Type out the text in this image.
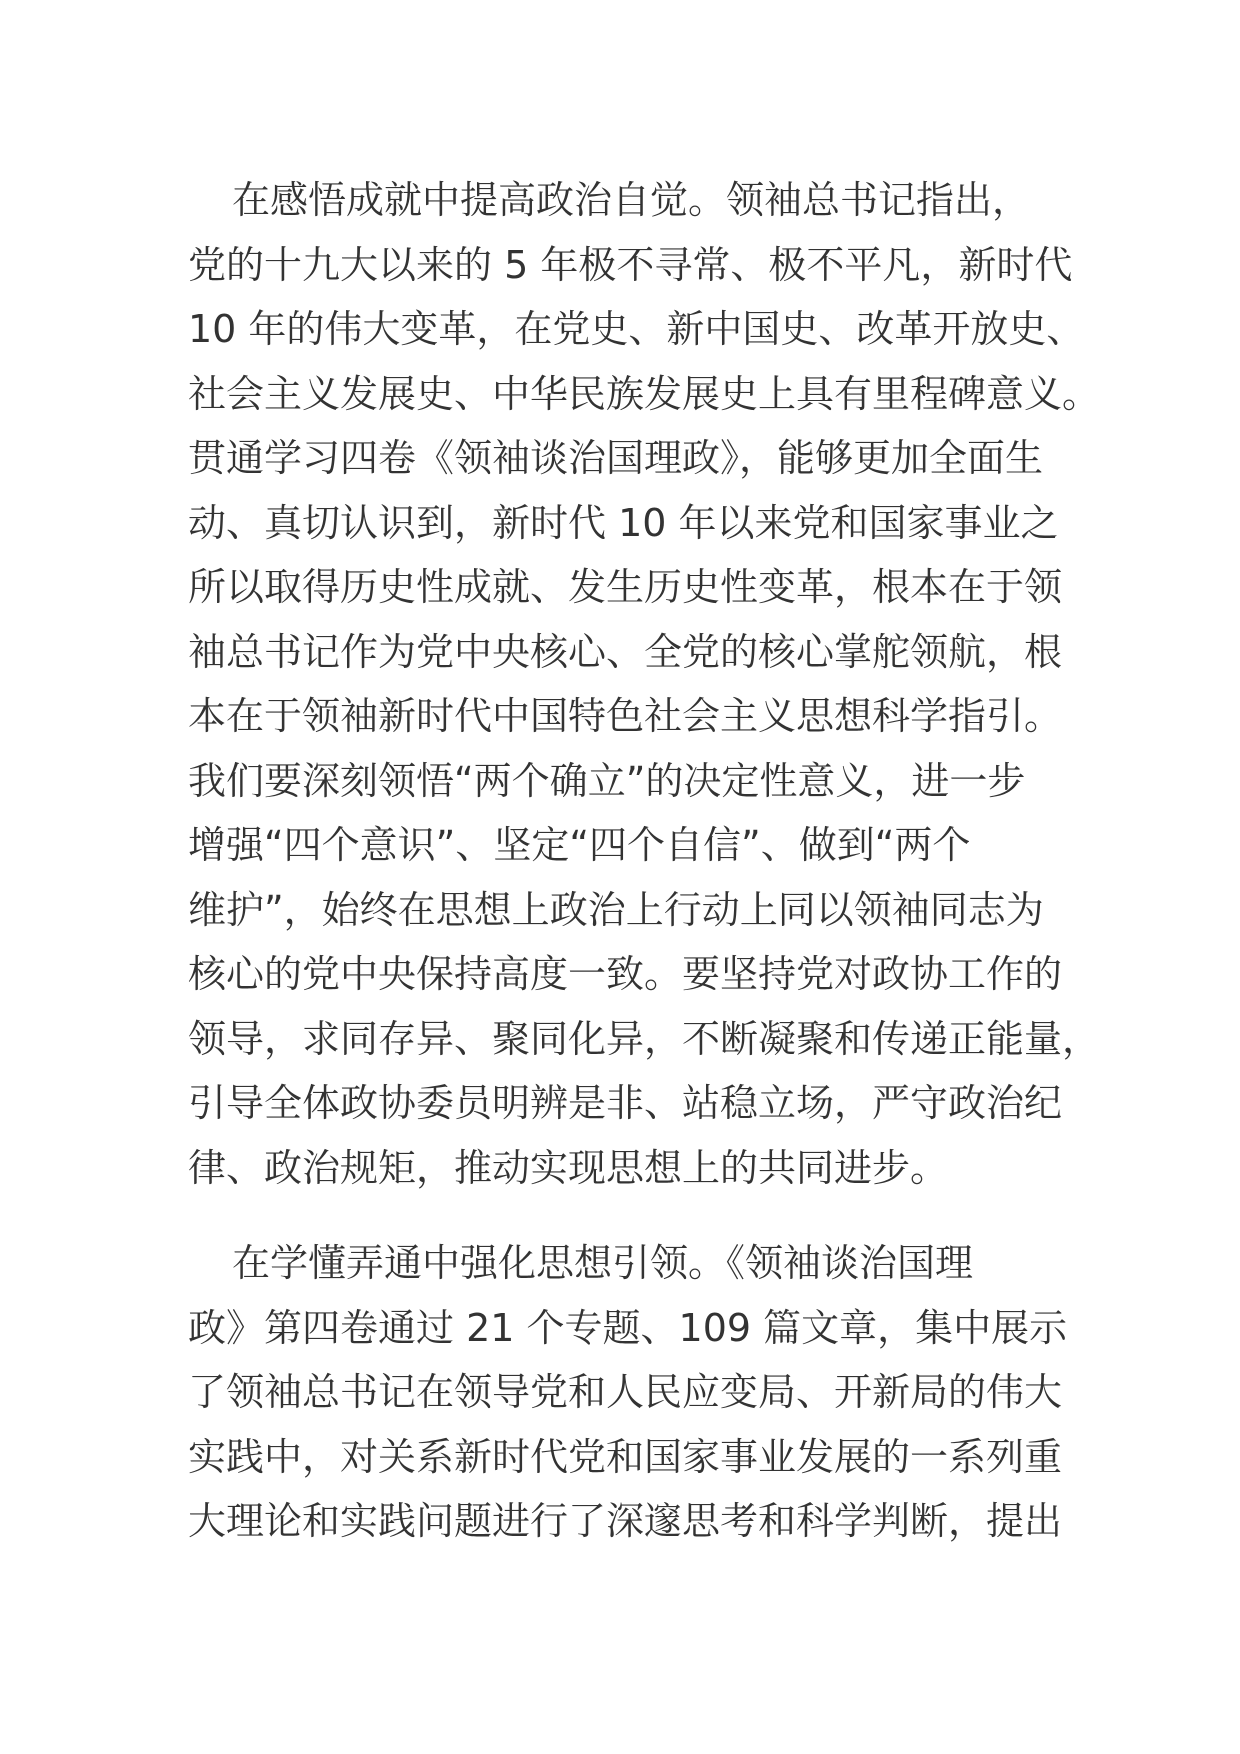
在感悟成就中提高政治自觉。领袖总书记指出，
党的十九大以来的 5 年极不寻常、极不平凡，新时代
10 年的伟大变革，在党史、新中国史、改革开放史、
社会主义发展史、中华民族发展史上具有里程碑意义。
贯通学习四卷《领袖谈治国理政》，能够更加全面生
动、真切认识到，新时代 10 年以来党和国家事业之
所以取得历史性成就、发生历史性变革，根本在于领
袖总书记作为党中央核心、全党的核心掌舵领航，根
本在于领袖新时代中国特色社会主义思想科学指引。
我们要深刻领悟“两个确立”的决定性意义，进一步
增强“四个意识”、坚定“四个自信”、做到“两个
维护”，始终在思想上政治上行动上同以领袖同志为
核心的党中央保持高度一致。要坚持党对政协工作的
领导，求同存异、聚同化异，不断凝聚和传递正能量，
引导全体政协委员明辨是非、站稳立场，严守政治纪
律、政治规矩，推动实现思想上的共同进步。
在学懂弄通中强化思想引领。《领袖谈治国理
政》第四卷通过 21 个专题、109 篇文章，集中展示
了领袖总书记在领导党和人民应变局、开新局的伟大
实践中，对关系新时代党和国家事业发展的一系列重
大理论和实践问题进行了深邃思考和科学判断，提出
